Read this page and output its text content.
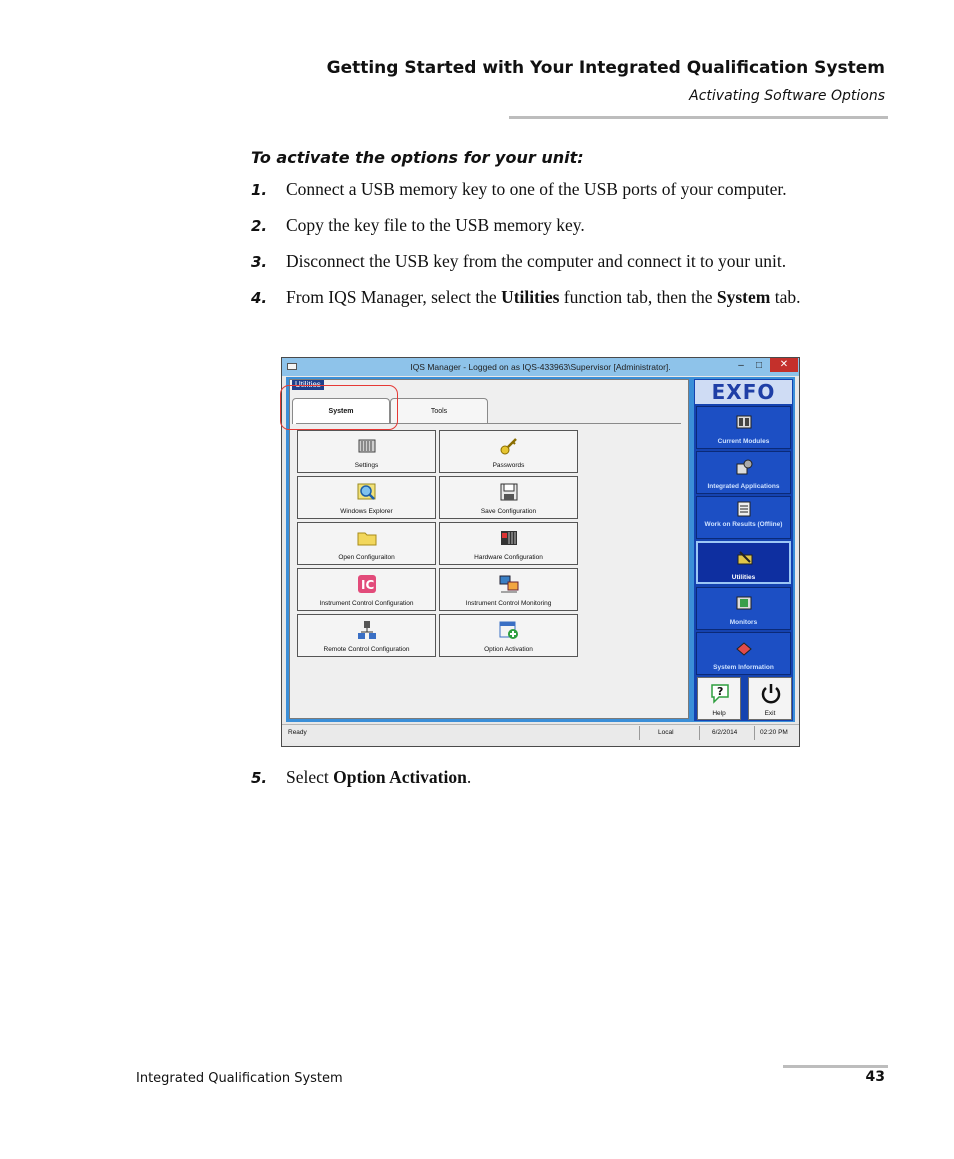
Getting Started with Your Integrated Qualification System
Activating Software Options
To activate the options for your unit:
1. Connect a USB memory key to one of the USB ports of your computer.
2. Copy the key file to the USB memory key.
3. Disconnect the USB key from the computer and connect it to your unit.
4. From IQS Manager, select the Utilities function tab, then the System tab.
IQS Manager - Logged on as IQS-433963\Supervisor [Administrator].	–	□	✕
Utilities
System	Tools
Settings	Passwords
Windows Explorer	Save Configuration
Open Configuraiton	Hardware Configuration
IC
Instrument Control Configuration	Instrument Control Monitoring
Remote Control Configuration	Option Activation
EXFO
Current Modules
Integrated Applications
Work on Results (Offline)
Utilities
Monitors
System Information
?
Help	Exit
Ready	Local	6/2/2014	02:20 PM
5. Select Option Activation.
Integrated Qualification System	43
